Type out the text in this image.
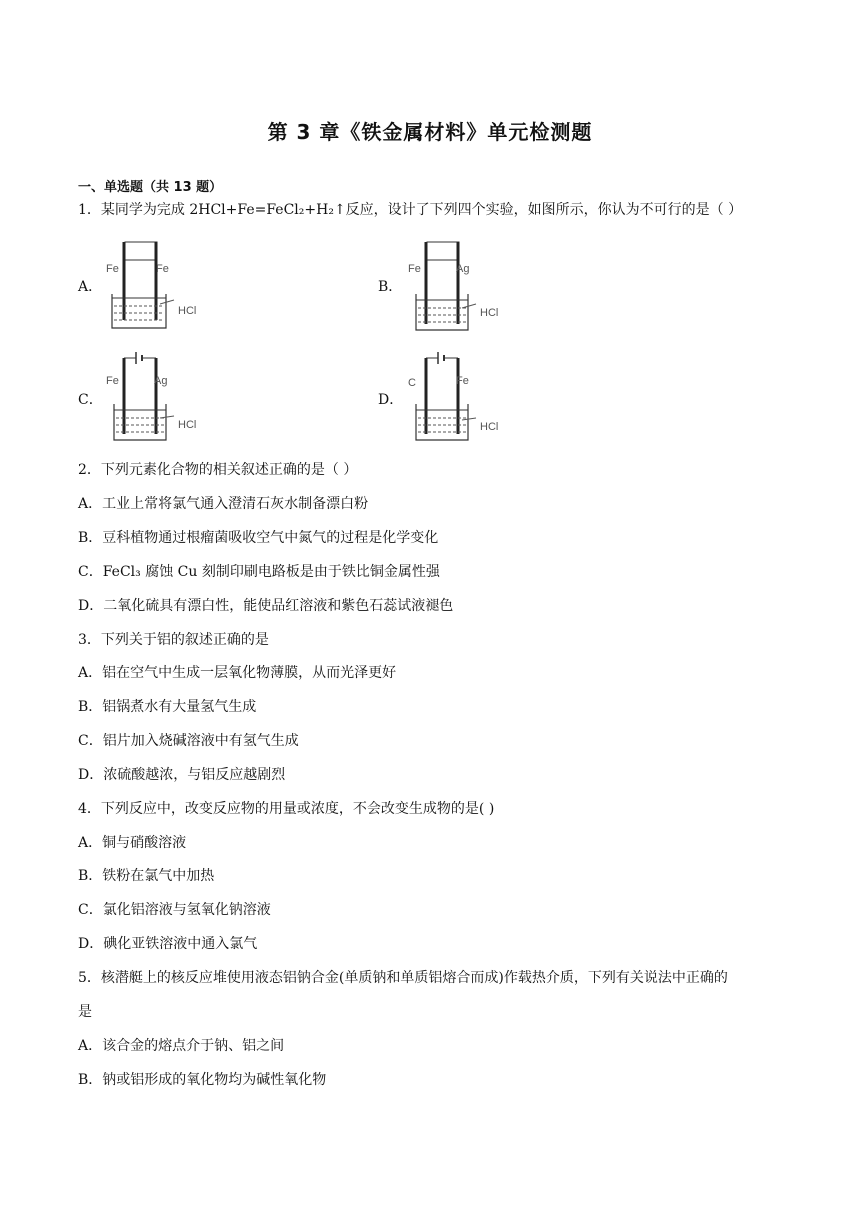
第 3 章《铁金属材料》单元检测题
一、单选题（共 13 题）
1．某同学为完成 2HCl+Fe=FeCl₂+H₂↑反应，设计了下列四个实验，如图所示，你认为不可行的是（ ）
A．
Fe	Fe
HCl
B．
Fe	Ag
HCl
C．
Fe	Ag
HCl
D．
C	Fe
HCl
2．下列元素化合物的相关叙述正确的是（ ）
A．工业上常将氯气通入澄清石灰水制备漂白粉
B．豆科植物通过根瘤菌吸收空气中氮气的过程是化学变化
C．FeCl₃ 腐蚀 Cu 刻制印刷电路板是由于铁比铜金属性强
D．二氧化硫具有漂白性，能使品红溶液和紫色石蕊试液褪色
3．下列关于铝的叙述正确的是
A．铝在空气中生成一层氧化物薄膜，从而光泽更好
B．铝锅煮水有大量氢气生成
C．铝片加入烧碱溶液中有氢气生成
D．浓硫酸越浓，与铝反应越剧烈
4．下列反应中，改变反应物的用量或浓度，不会改变生成物的是( )
A．铜与硝酸溶液
B．铁粉在氯气中加热
C．氯化铝溶液与氢氧化钠溶液
D．碘化亚铁溶液中通入氯气
5．核潜艇上的核反应堆使用液态铝钠合金(单质钠和单质铝熔合而成)作载热介质，下列有关说法中正确的
是
A．该合金的熔点介于钠、铝之间
B．钠或铝形成的氧化物均为碱性氧化物
